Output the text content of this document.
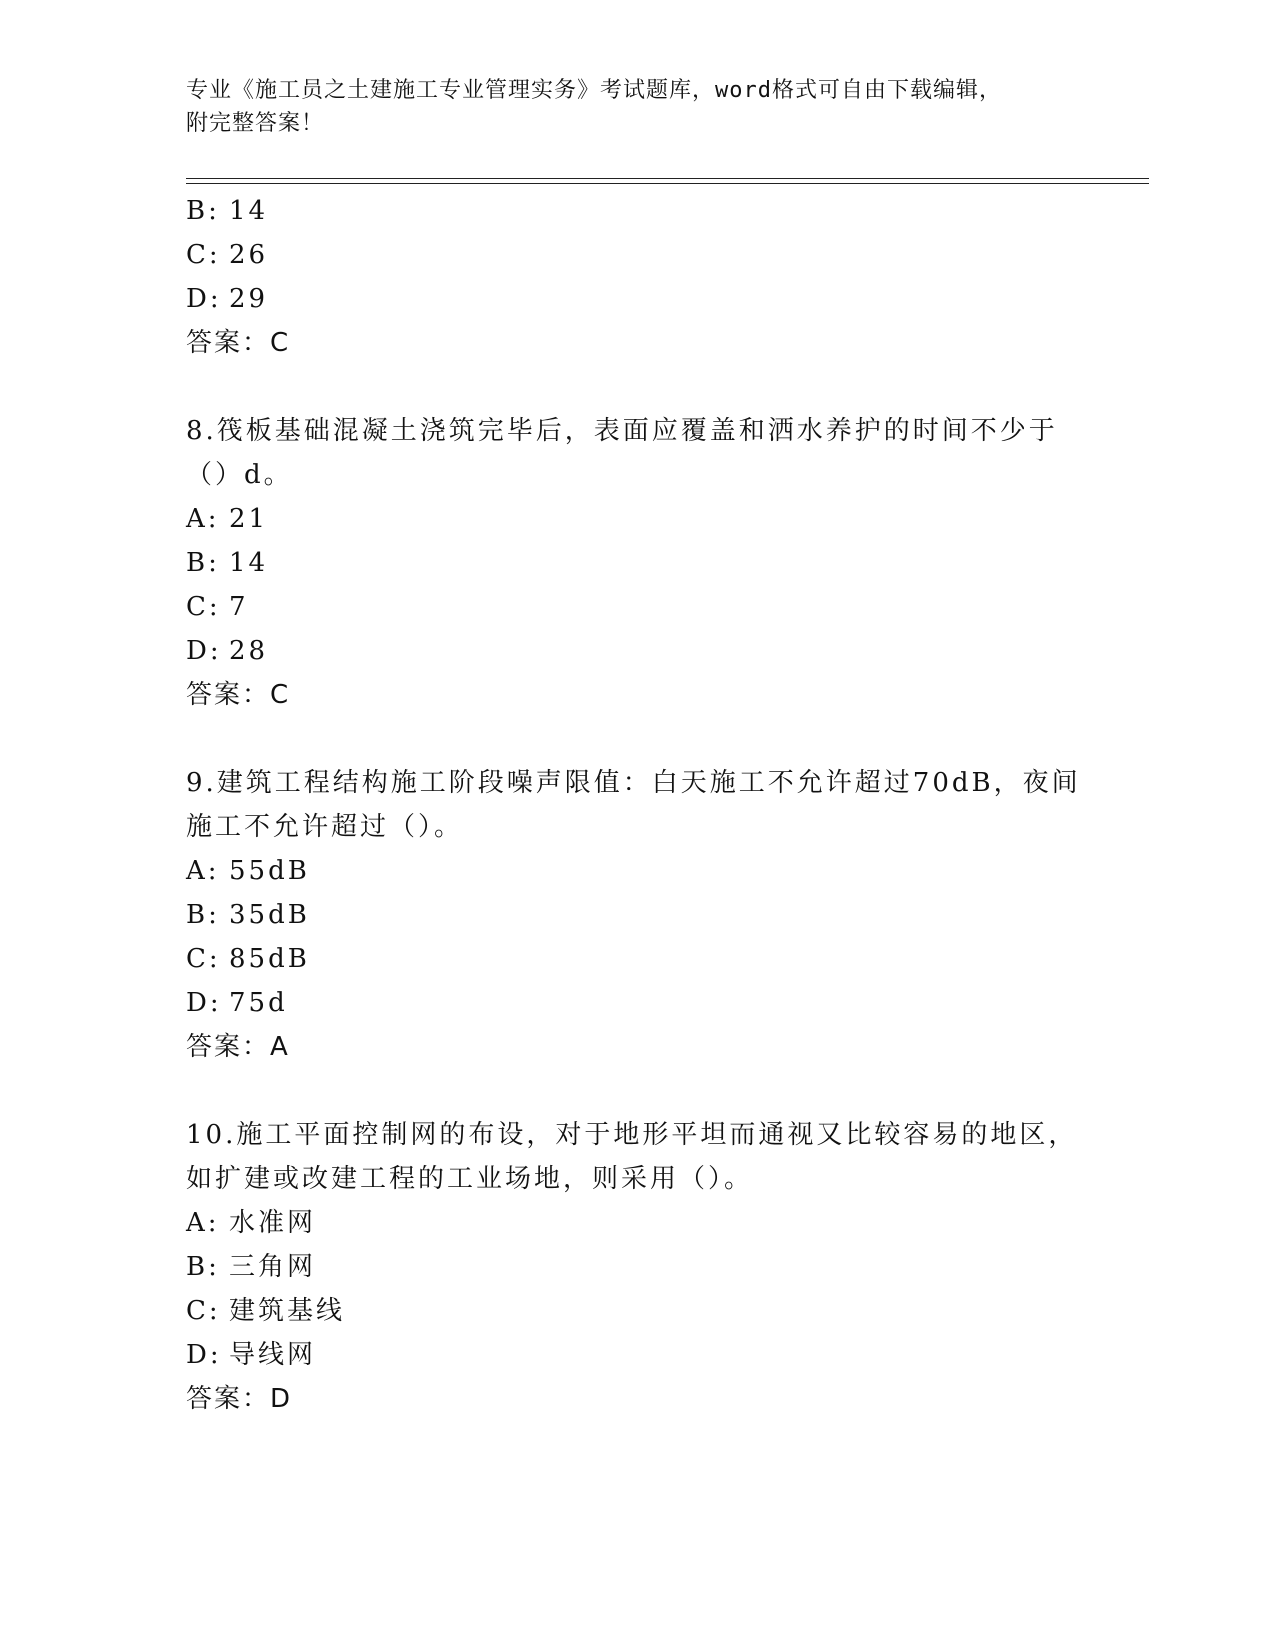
专业《施工员之土建施工专业管理实务》考试题库，word格式可自由下载编辑，
附完整答案！
B: 14
C: 26
D: 29
答案：C
8.筏板基础混凝土浇筑完毕后，表面应覆盖和洒水养护的时间不少于
（）d。
A: 21
B: 14
C: 7
D: 28
答案：C
9.建筑工程结构施工阶段噪声限值：白天施工不允许超过70dB，夜间
施工不允许超过（）。
A: 55dB
B: 35dB
C: 85dB
D: 75d
答案：A
10.施工平面控制网的布设，对于地形平坦而通视又比较容易的地区，
如扩建或改建工程的工业场地，则采用（）。
A: 水准网
B: 三角网
C: 建筑基线
D: 导线网
答案：D
